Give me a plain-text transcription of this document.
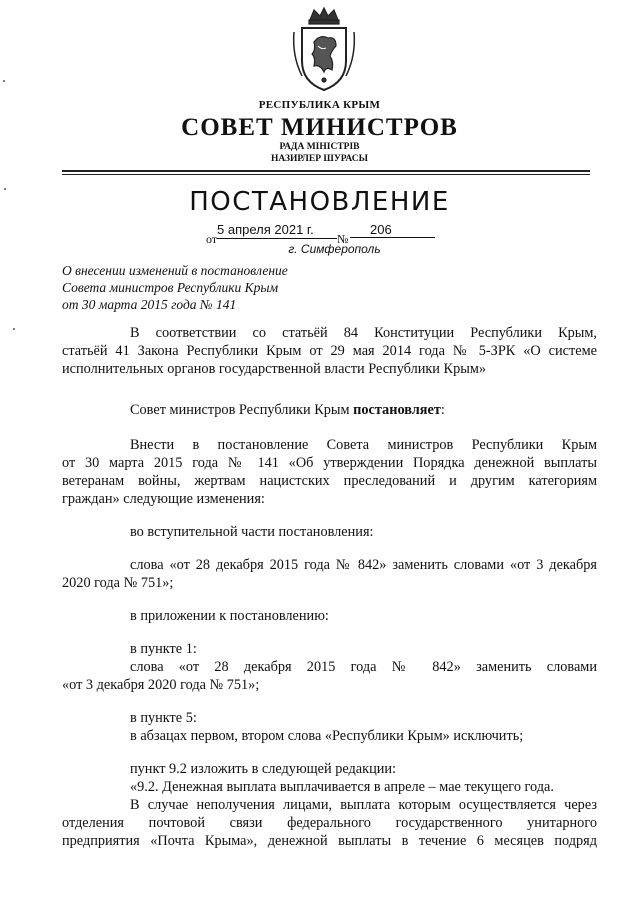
РЕСПУБЛИКА КРЫМ
СОВЕТ МИНИСТРОВ
РАДА МІНІСТРІВ
НАЗИРЛЕР ШУРАСЫ
ПОСТАНОВЛЕНИЕ
от
5 апреля 2021 г.
№
206
г. Симферополь
О внесении изменений в постановление
Совета министров Республики Крым
от 30 марта 2015 года № 141
В соответствии со статьёй 84 Конституции Республики Крым,
статьёй 41 Закона Республики Крым от 29 мая 2014 года № 5-ЗРК «О системе
исполнительных органов государственной власти Республики Крым»
Совет министров Республики Крым постановляет:
Внести в постановление Совета министров Республики Крым
от 30 марта 2015 года № 141 «Об утверждении Порядка денежной выплаты
ветеранам войны, жертвам нацистских преследований и другим категориям
граждан» следующие изменения:
во вступительной части постановления:
слова «от 28 декабря 2015 года № 842» заменить словами «от 3 декабря
2020 года № 751»;
в приложении к постановлению:
в пункте 1:
слова «от 28 декабря 2015 года № 842» заменить словами
«от 3 декабря 2020 года № 751»;
в пункте 5:
в абзацах первом, втором слова «Республики Крым» исключить;
пункт 9.2 изложить в следующей редакции:
«9.2. Денежная выплата выплачивается в апреле – мае текущего года.
В случае неполучения лицами, выплата которым осуществляется через
отделения почтовой связи федерального государственного унитарного
предприятия «Почта Крыма», денежной выплаты в течение 6 месяцев подряд
